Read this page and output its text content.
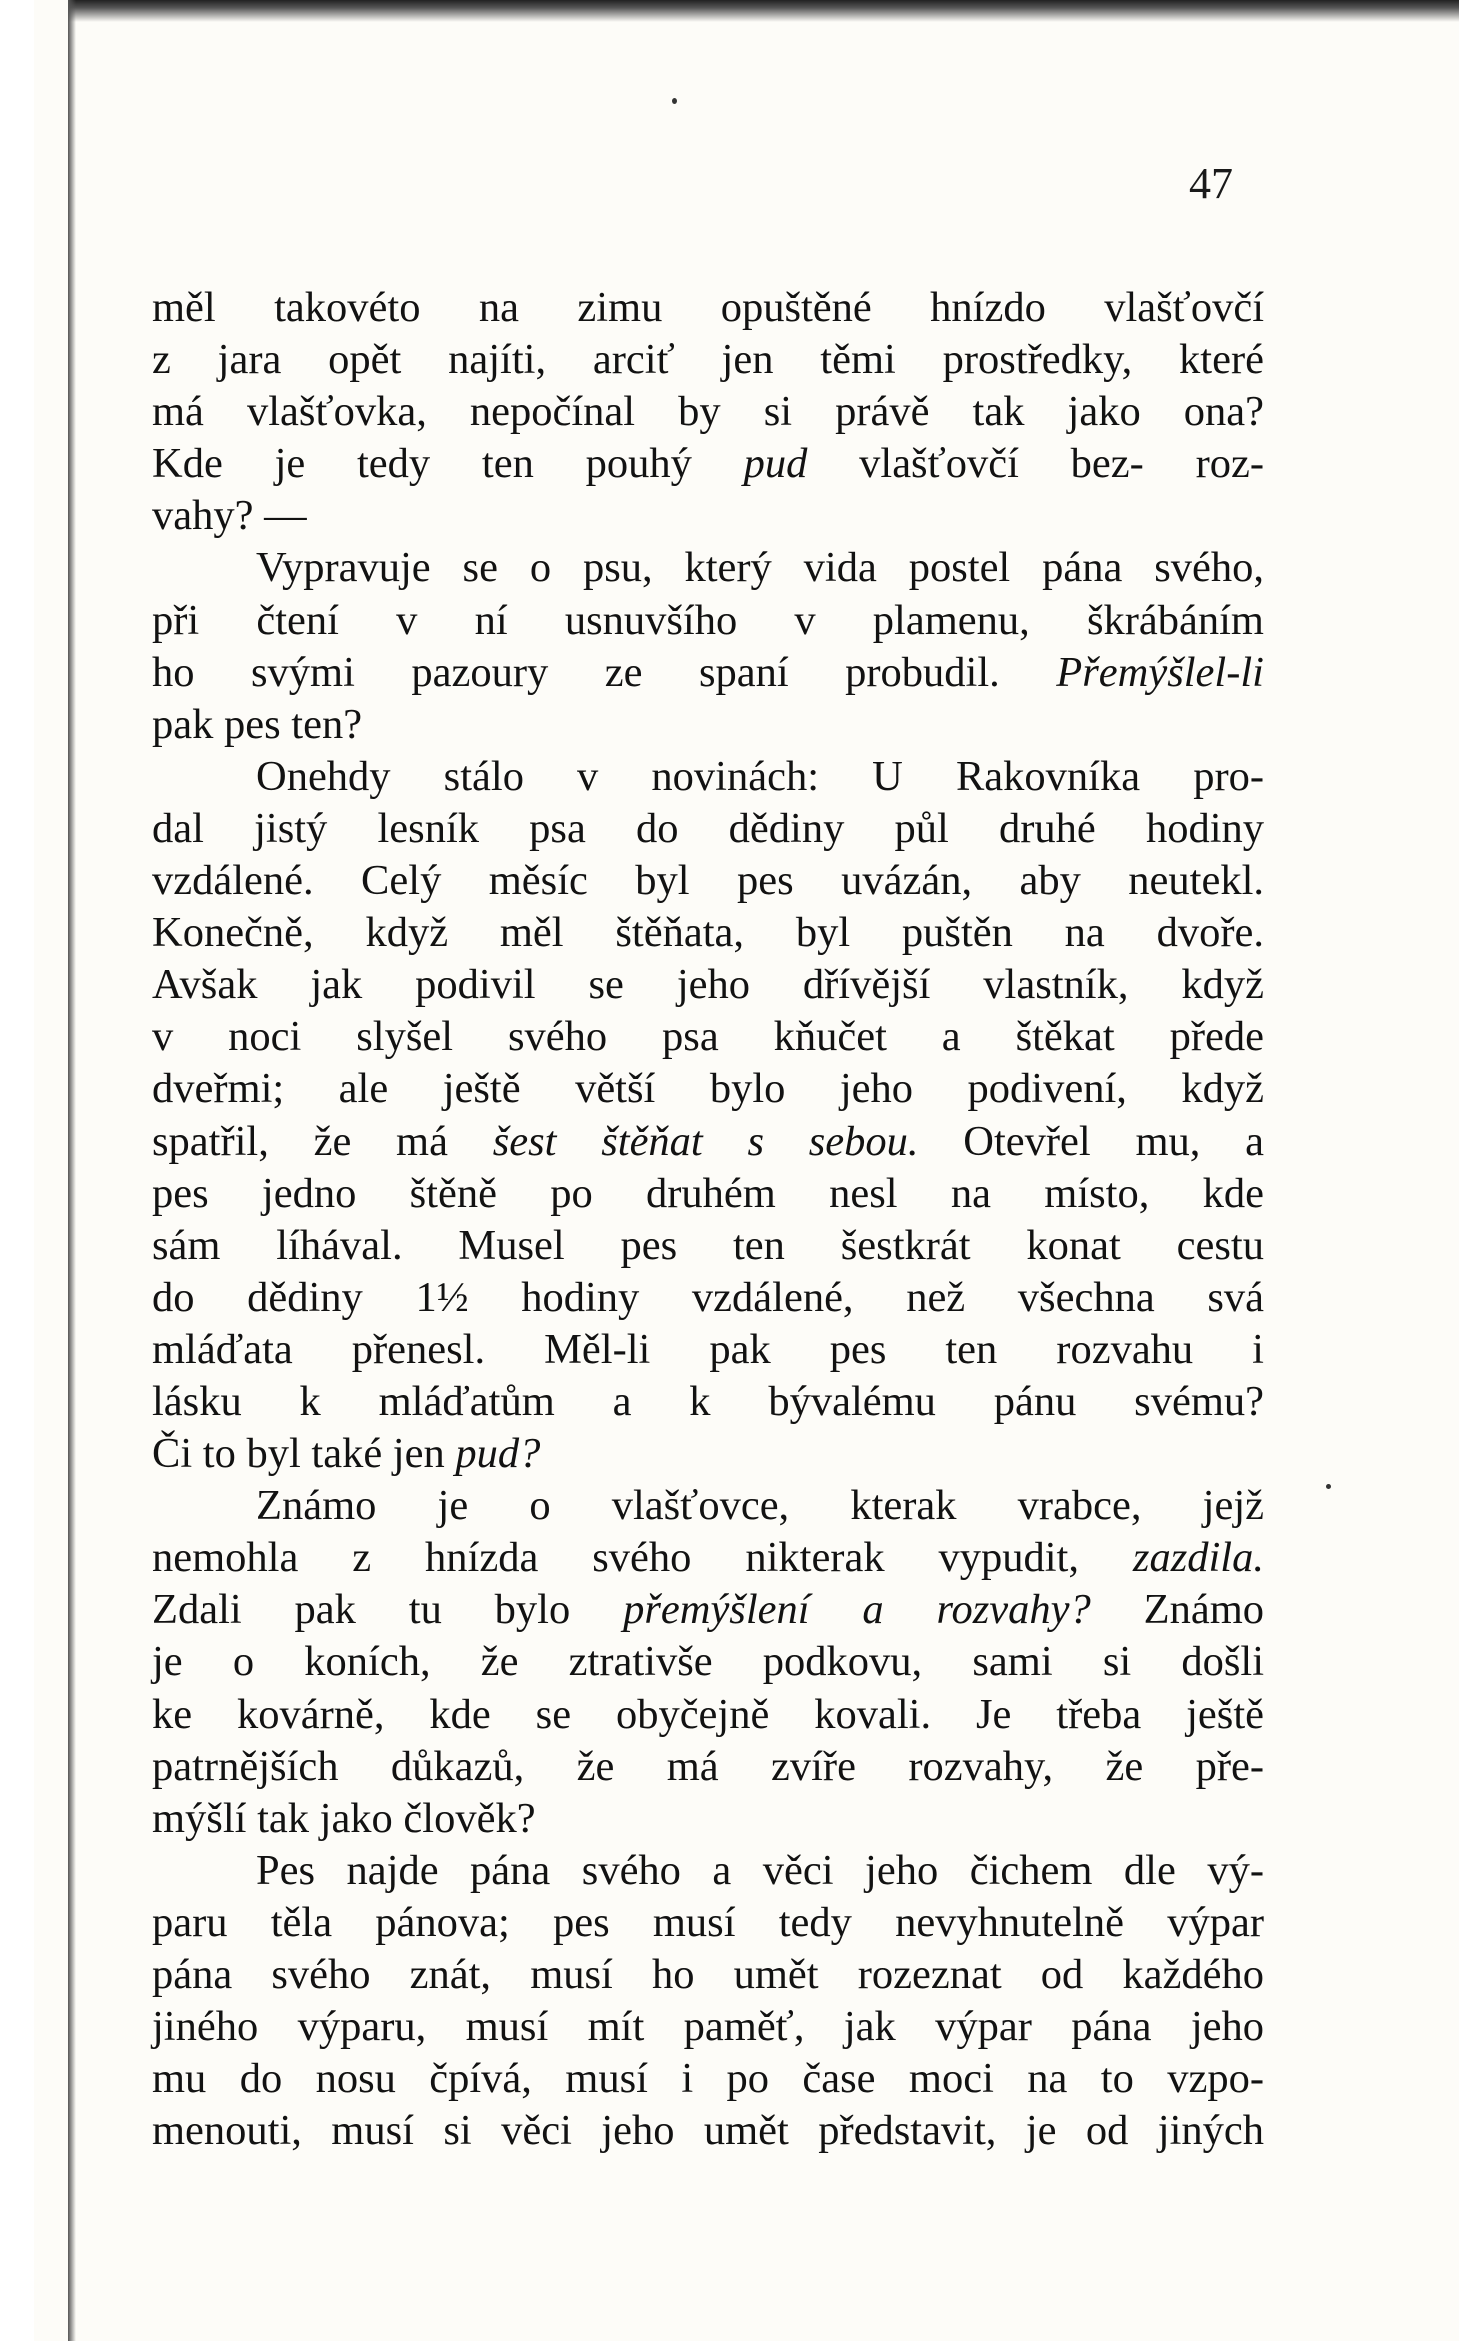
47
měl takovéto na zimu opuštěné hnízdo vlašťovčí
z jara opět najíti, arciť jen těmi prostředky, které
má vlašťovka, nepočínal by si právě tak jako ona?
Kde je tedy ten pouhý pud vlašťovčí bez- roz-
vahy? —
Vypravuje se o psu, který vida postel pána svého,
při čtení v ní usnuvšího v plamenu, škrábáním
ho svými pazoury ze spaní probudil. Přemýšlel-li
pak pes ten?
Onehdy stálo v novinách: U Rakovníka pro-
dal jistý lesník psa do dědiny půl druhé hodiny
vzdálené. Celý měsíc byl pes uvázán, aby neutekl.
Konečně, když měl štěňata, byl puštěn na dvoře.
Avšak jak podivil se jeho dřívější vlastník, když
v noci slyšel svého psa kňučet a štěkat přede
dveřmi; ale ještě větší bylo jeho podivení, když
spatřil, že má šest štěňat s sebou. Otevřel mu, a
pes jedno štěně po druhém nesl na místo, kde
sám líhával. Musel pes ten šestkrát konat cestu
do dědiny 1½ hodiny vzdálené, než všechna svá
mláďata přenesl. Měl-li pak pes ten rozvahu i
lásku k mláďatům a k bývalému pánu svému?
Či to byl také jen pud?
Známo je o vlašťovce, kterak vrabce, jejž
nemohla z hnízda svého nikterak vypudit, zazdila.
Zdali pak tu bylo přemýšlení a rozvahy? Známo
je o koních, že ztrativše podkovu, sami si došli
ke kovárně, kde se obyčejně kovali. Je třeba ještě
patrnějších důkazů, že má zvíře rozvahy, že pře-
mýšlí tak jako člověk?
Pes najde pána svého a věci jeho čichem dle vý-
paru těla pánova; pes musí tedy nevyhnutelně výpar
pána svého znát, musí ho umět rozeznat od každého
jiného výparu, musí mít paměť, jak výpar pána jeho
mu do nosu čpívá, musí i po čase moci na to vzpo-
menouti, musí si věci jeho umět představit, je od jiných
